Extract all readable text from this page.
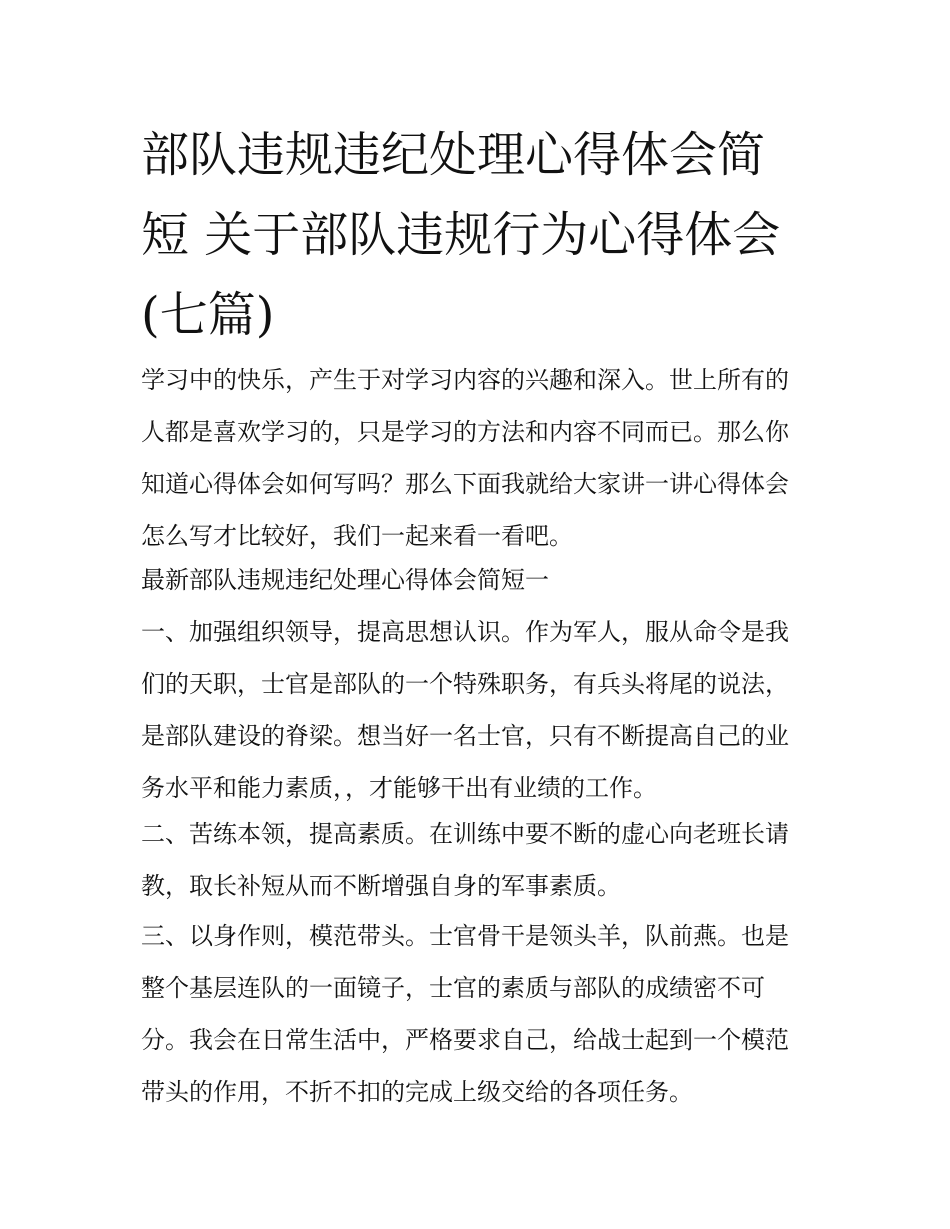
部队违规违纪处理心得体会简
短 关于部队违规行为心得体会
(七篇)

学习中的快乐，产生于对学习内容的兴趣和深入。世上所有的
人都是喜欢学习的，只是学习的方法和内容不同而已。那么你
知道心得体会如何写吗？那么下面我就给大家讲一讲心得体会
怎么写才比较好，我们一起来看一看吧。

最新部队违规违纪处理心得体会简短一

一、加强组织领导，提高思想认识。作为军人，服从命令是我
们的天职，士官是部队的一个特殊职务，有兵头将尾的说法，
是部队建设的脊梁。想当好一名士官，只有不断提高自己的业
务水平和能力素质，，才能够干出有业绩的工作。

二、苦练本领，提高素质。在训练中要不断的虚心向老班长请
教，取长补短从而不断增强自身的军事素质。

三、以身作则，模范带头。士官骨干是领头羊，队前燕。也是
整个基层连队的一面镜子，士官的素质与部队的成绩密不可
分。我会在日常生活中，严格要求自己，给战士起到一个模范
带头的作用，不折不扣的完成上级交给的各项任务。
